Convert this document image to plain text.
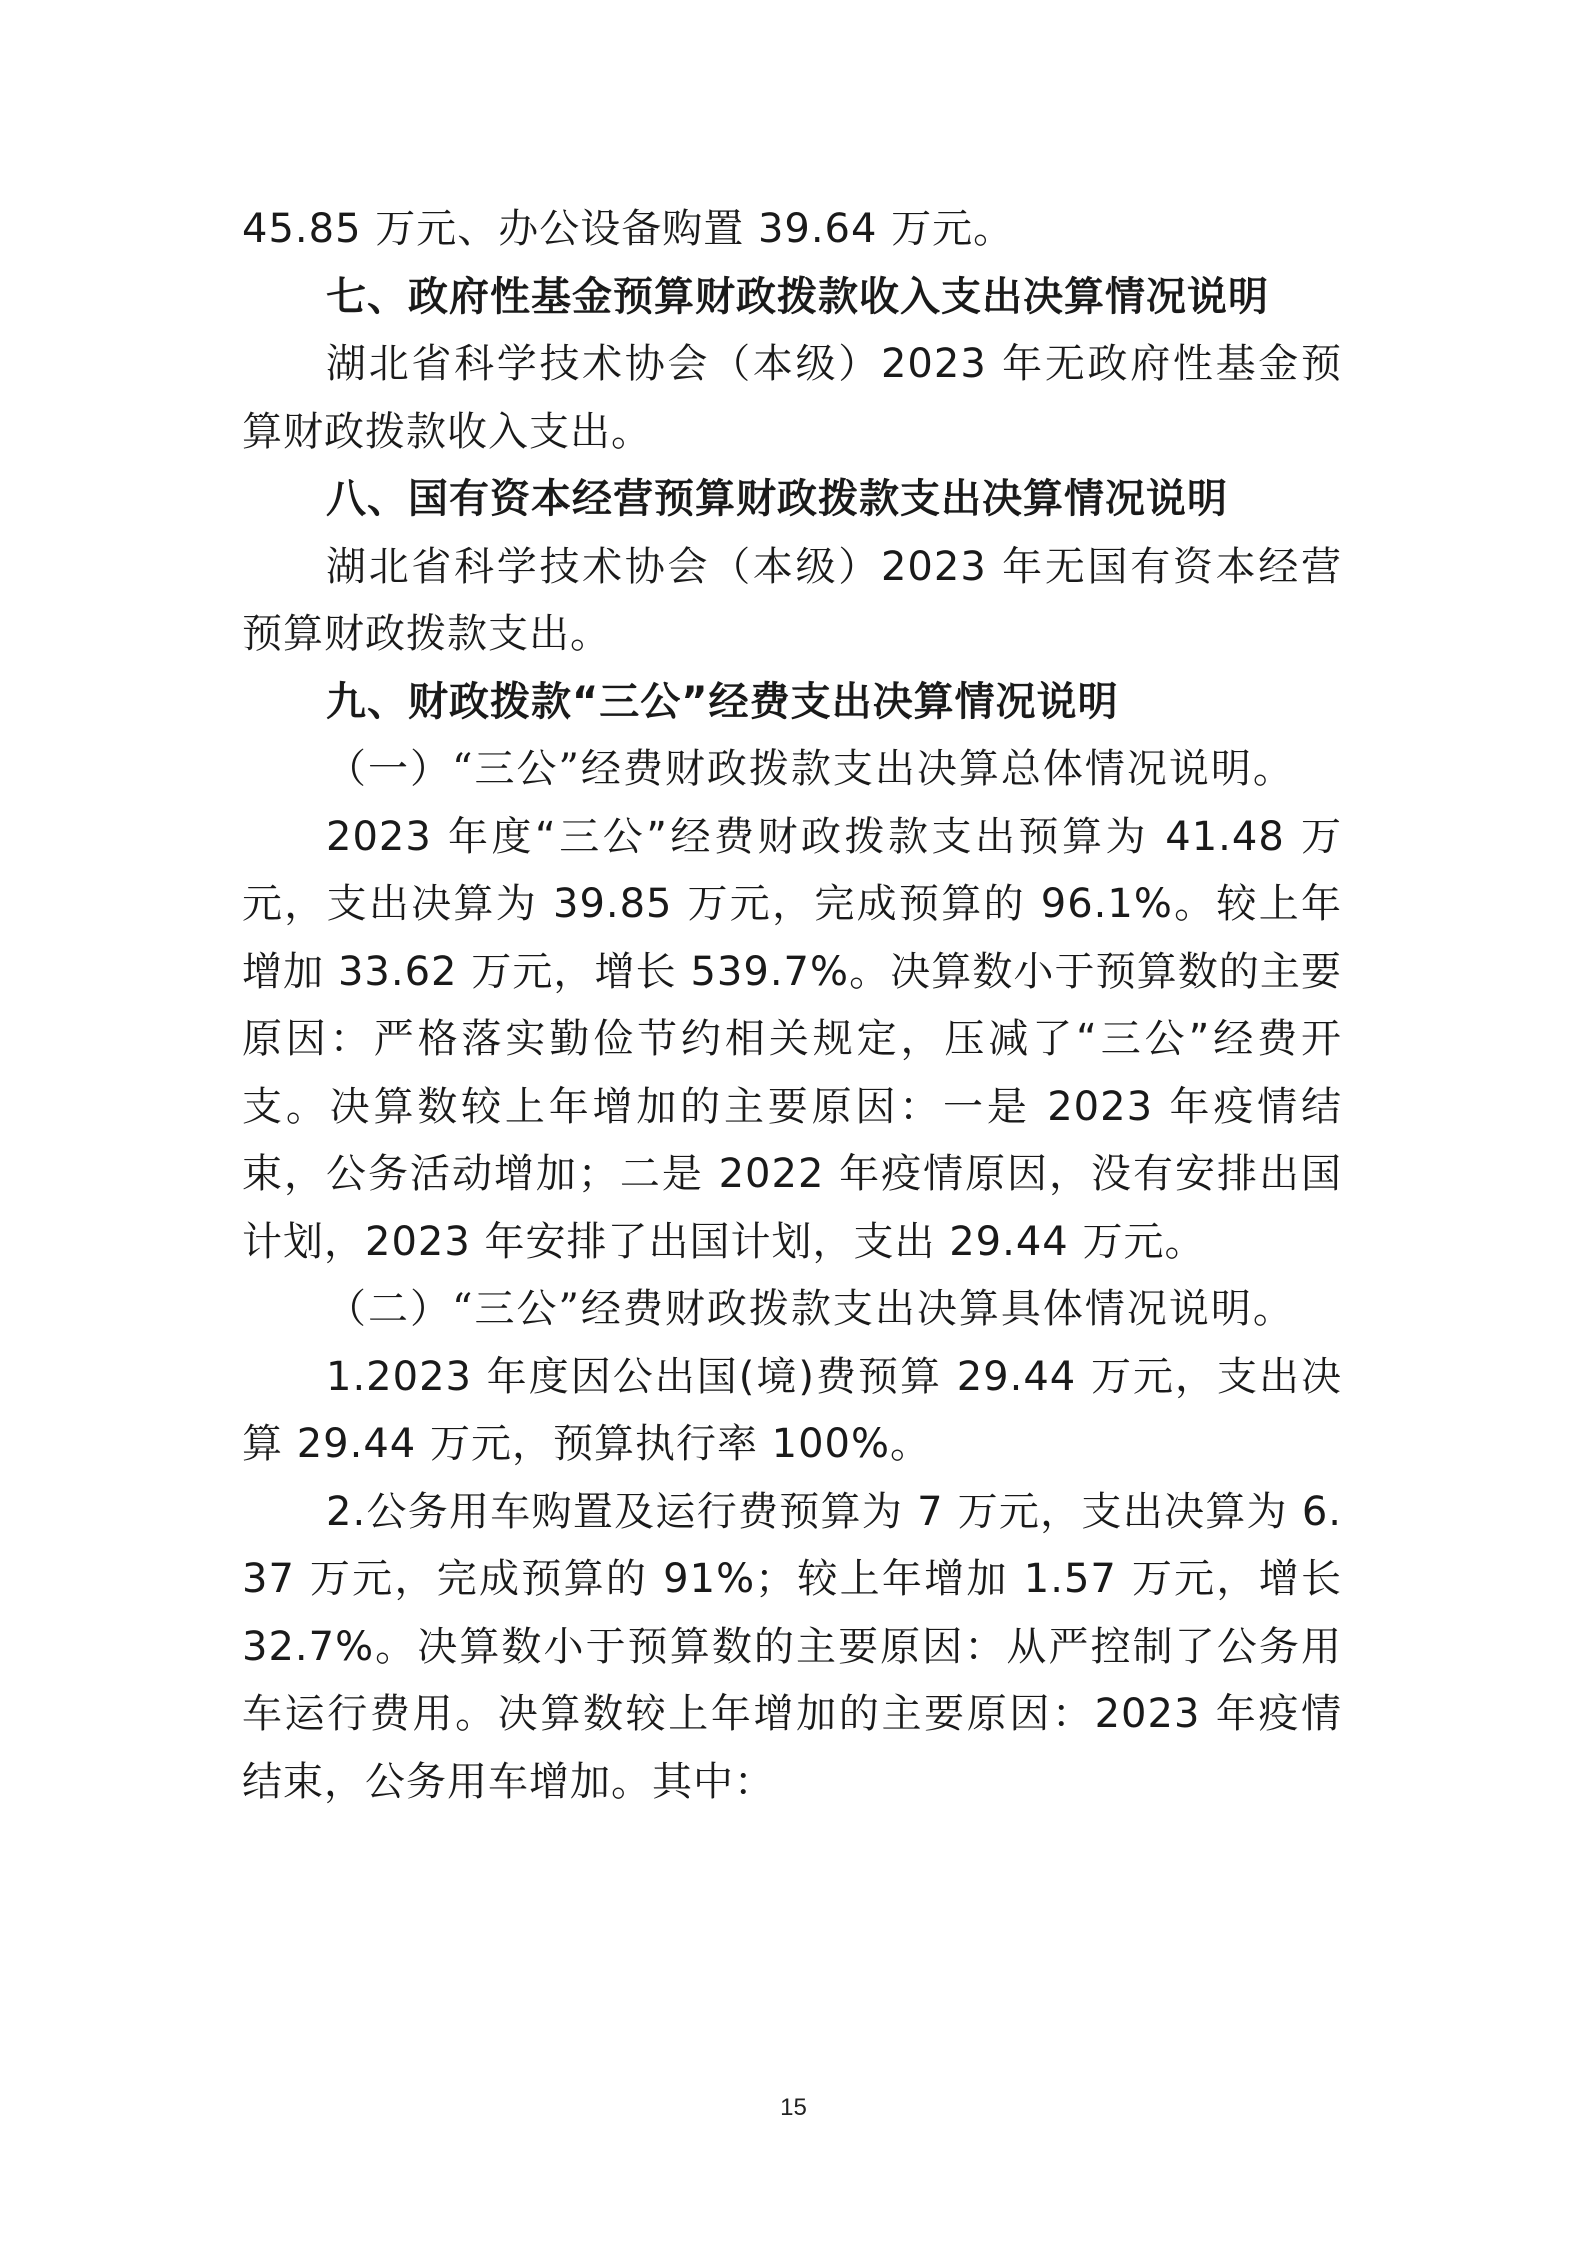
45.85 万元、办公设备购置 39.64 万元。

七、政府性基金预算财政拨款收入支出决算情况说明

湖北省科学技术协会（本级）2023 年无政府性基金预算财政拨款收入支出。

八、国有资本经营预算财政拨款支出决算情况说明

湖北省科学技术协会（本级）2023 年无国有资本经营预算财政拨款支出。

九、财政拨款“三公”经费支出决算情况说明

（一）“三公”经费财政拨款支出决算总体情况说明。

2023 年度“三公”经费财政拨款支出预算为 41.48 万元，支出决算为 39.85 万元，完成预算的 96.1%。较上年增加 33.62 万元，增长 539.7%。决算数小于预算数的主要原因：严格落实勤俭节约相关规定，压减了“三公”经费开支。决算数较上年增加的主要原因：一是 2023 年疫情结束，公务活动增加；二是 2022 年疫情原因，没有安排出国计划，2023 年安排了出国计划，支出 29.44 万元。

（二）“三公”经费财政拨款支出决算具体情况说明。

1.2023 年度因公出国(境)费预算 29.44 万元，支出决算 29.44 万元，预算执行率 100%。

2.公务用车购置及运行费预算为 7 万元，支出决算为 6.37 万元，完成预算的 91%；较上年增加 1.57 万元，增长 32.7%。决算数小于预算数的主要原因：从严控制了公务用车运行费用。决算数较上年增加的主要原因：2023 年疫情结束，公务用车增加。其中：

15
